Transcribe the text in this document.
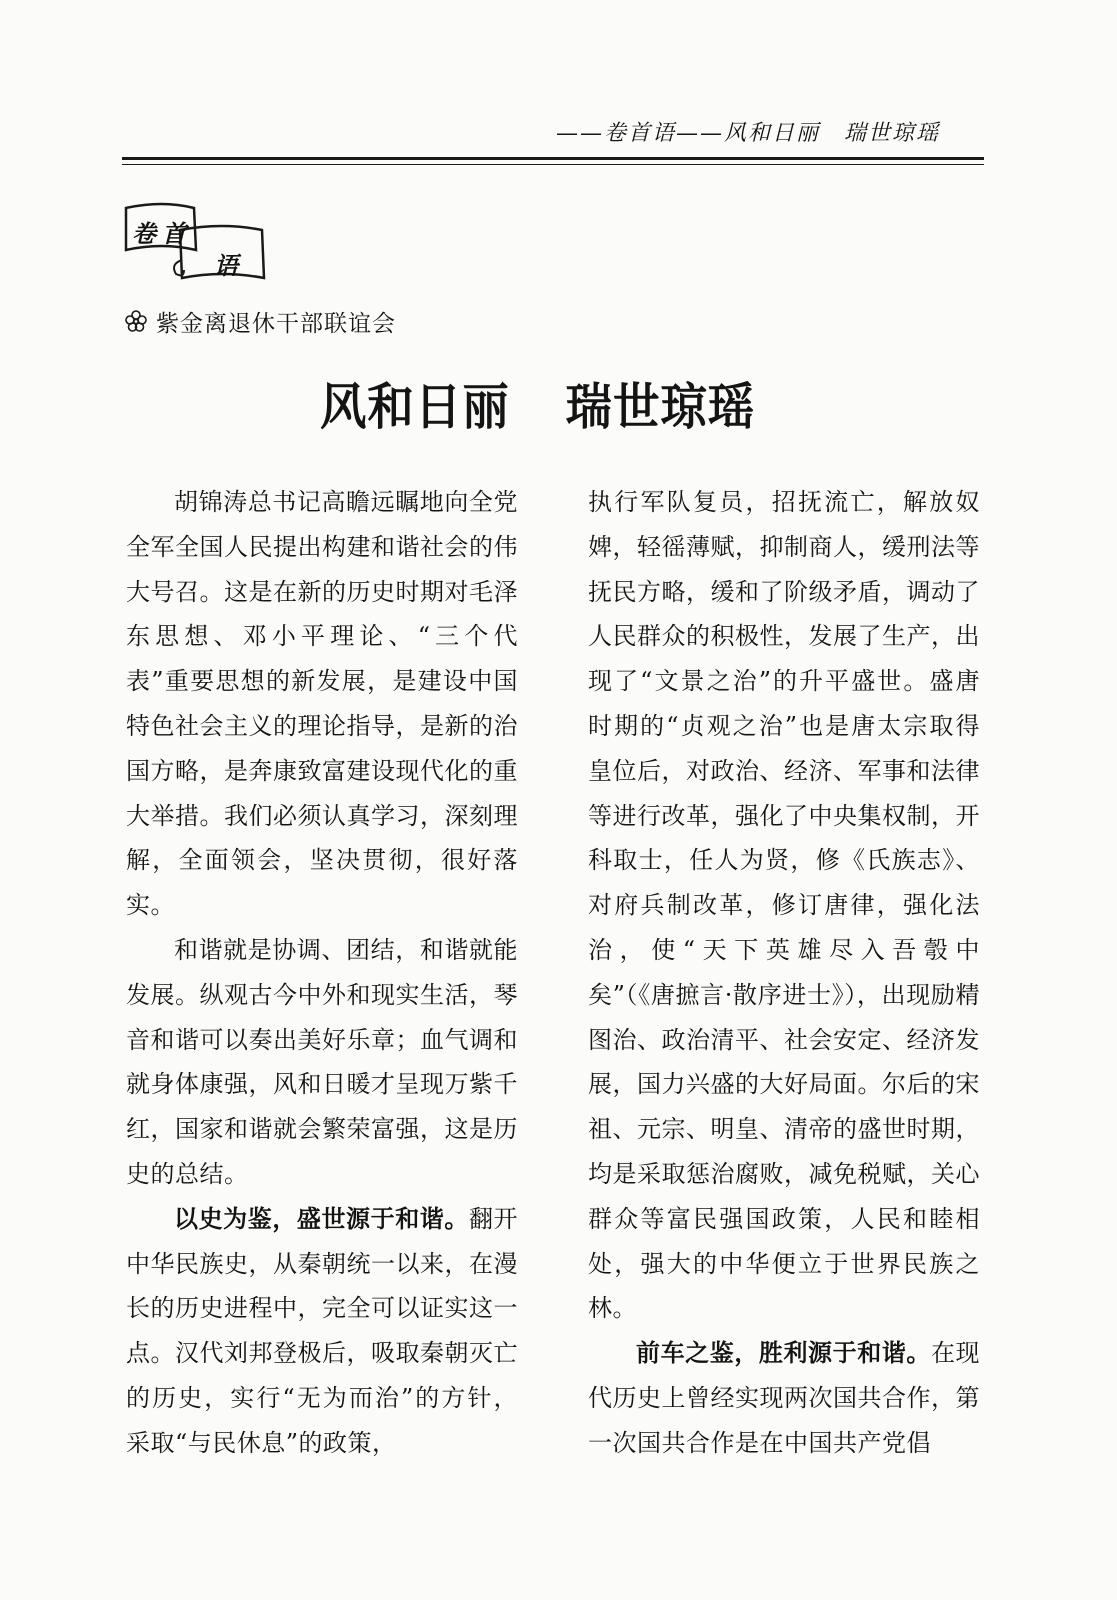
——卷首语——风和日丽　瑞世琼瑶
卷 首
语
紫金离退休干部联谊会
风和日丽 瑞世琼瑶

胡锦涛总书记高瞻远瞩地向全党全军全国人民提出构建和谐社会的伟大号召。这是在新的历史时期对毛泽东思想、邓小平理论、“三个代表”重要思想的新发展，是建设中国特色社会主义的理论指导，是新的治国方略，是奔康致富建设现代化的重大举措。我们必须认真学习，深刻理解，全面领会，坚决贯彻，很好落实。

和谐就是协调、团结，和谐就能发展。纵观古今中外和现实生活，琴音和谐可以奏出美好乐章；血气调和就身体康强，风和日暖才呈现万紫千红，国家和谐就会繁荣富强，这是历史的总结。

以史为鉴，盛世源于和谐。翻开中华民族史，从秦朝统一以来，在漫长的历史进程中，完全可以证实这一点。汉代刘邦登极后，吸取秦朝灭亡的历史，实行“无为而治”的方针，采取“与民休息”的政策，

执行军队复员，招抚流亡，解放奴婢，轻徭薄赋，抑制商人，缓刑法等抚民方略，缓和了阶级矛盾，调动了人民群众的积极性，发展了生产，出现了“文景之治”的升平盛世。盛唐时期的“贞观之治”也是唐太宗取得皇位后，对政治、经济、军事和法律等进行改革，强化了中央集权制，开科取士，任人为贤，修《氏族志》、对府兵制改革，修订唐律，强化法治，使“天下英雄尽入吾彀中矣”（《唐摭言·散序进士》），出现励精图治、政治清平、社会安定、经济发展，国力兴盛的大好局面。尔后的宋祖、元宗、明皇、清帝的盛世时期，均是采取惩治腐败，减免税赋，关心群众等富民强国政策，人民和睦相处，强大的中华便立于世界民族之林。

前车之鉴，胜利源于和谐。在现代历史上曾经实现两次国共合作，第一次国共合作是在中国共产党倡
